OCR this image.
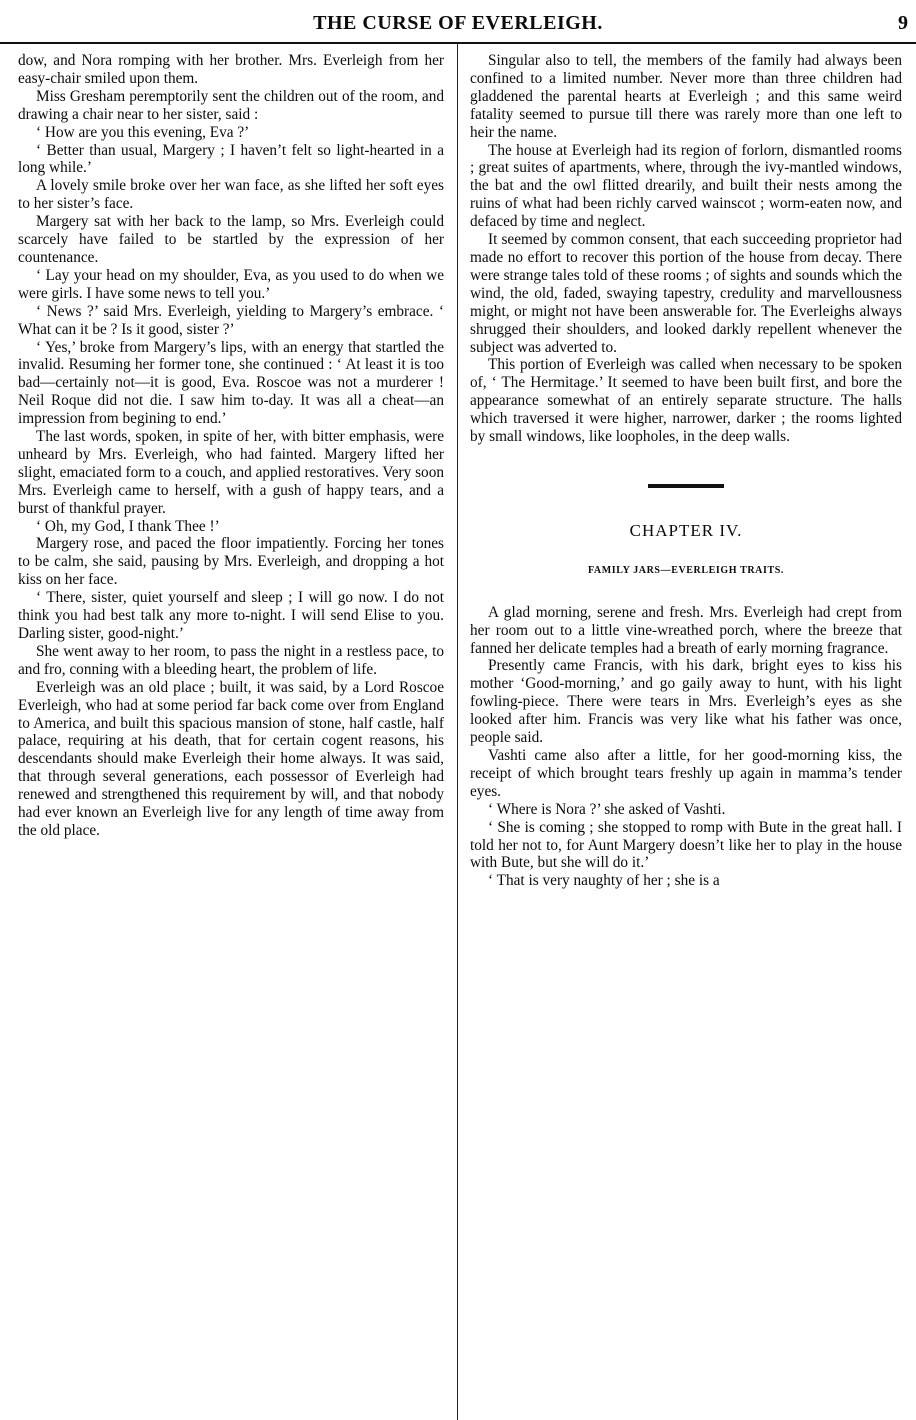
THE CURSE OF EVERLEIGH.	9

dow, and Nora romping with her brother. Mrs. Everleigh from her easy-chair smiled upon them.

Miss Gresham peremptorily sent the children out of the room, and drawing a chair near to her sister, said :

‘ How are you this evening, Eva ?’

‘ Better than usual, Margery ; I haven’t felt so light-hearted in a long while.’

A lovely smile broke over her wan face, as she lifted her soft eyes to her sister’s face.

Margery sat with her back to the lamp, so Mrs. Everleigh could scarcely have failed to be startled by the expression of her countenance.

‘ Lay your head on my shoulder, Eva, as you used to do when we were girls. I have some news to tell you.’

‘ News ?’ said Mrs. Everleigh, yielding to Margery’s embrace. ‘ What can it be ? Is it good, sister ?’

‘ Yes,’ broke from Margery’s lips, with an energy that startled the invalid. Resuming her former tone, she continued : ‘ At least it is too bad—certainly not—it is good, Eva. Roscoe was not a murderer ! Neil Roque did not die. I saw him to-day. It was all a cheat—an impression from begining to end.’

The last words, spoken, in spite of her, with bitter emphasis, were unheard by Mrs. Everleigh, who had fainted. Margery lifted her slight, emaciated form to a couch, and applied restoratives. Very soon Mrs. Everleigh came to herself, with a gush of happy tears, and a burst of thankful prayer.

‘ Oh, my God, I thank Thee !’

Margery rose, and paced the floor impatiently. Forcing her tones to be calm, she said, pausing by Mrs. Everleigh, and dropping a hot kiss on her face.

‘ There, sister, quiet yourself and sleep ; I will go now. I do not think you had best talk any more to-night. I will send Elise to you. Darling sister, good-night.’

She went away to her room, to pass the night in a restless pace, to and fro, conning with a bleeding heart, the problem of life.

Everleigh was an old place ; built, it was said, by a Lord Roscoe Everleigh, who had at some period far back come over from England to America, and built this spacious mansion of stone, half castle, half palace, requiring at his death, that for certain cogent reasons, his descendants should make Everleigh their home always. It was said, that through several generations, each possessor of Everleigh had renewed and strengthened this requirement by will, and that nobody had ever known an Everleigh live for any length of time away from the old place.

Singular also to tell, the members of the family had always been confined to a limited number. Never more than three children had gladdened the parental hearts at Everleigh ; and this same weird fatality seemed to pursue till there was rarely more than one left to heir the name.

The house at Everleigh had its region of forlorn, dismantled rooms ; great suites of apartments, where, through the ivy-mantled windows, the bat and the owl flitted drearily, and built their nests among the ruins of what had been richly carved wainscot ; worm-eaten now, and defaced by time and neglect.

It seemed by common consent, that each succeeding proprietor had made no effort to recover this portion of the house from decay. There were strange tales told of these rooms ; of sights and sounds which the wind, the old, faded, swaying tapestry, credulity and marvellousness might, or might not have been answerable for. The Everleighs always shrugged their shoulders, and looked darkly repellent whenever the subject was adverted to.

This portion of Everleigh was called when necessary to be spoken of, ‘ The Hermitage.’ It seemed to have been built first, and bore the appearance somewhat of an entirely separate structure. The halls which traversed it were higher, narrower, darker ; the rooms lighted by small windows, like loopholes, in the deep walls.

CHAPTER IV.
FAMILY JARS—EVERLEIGH TRAITS.

A glad morning, serene and fresh. Mrs. Everleigh had crept from her room out to a little vine-wreathed porch, where the breeze that fanned her delicate temples had a breath of early morning fragrance.

Presently came Francis, with his dark, bright eyes to kiss his mother ‘Good-morning,’ and go gaily away to hunt, with his light fowling-piece. There were tears in Mrs. Everleigh’s eyes as she looked after him. Francis was very like what his father was once, people said.

Vashti came also after a little, for her good-morning kiss, the receipt of which brought tears freshly up again in mamma’s tender eyes.

‘ Where is Nora ?’ she asked of Vashti.

‘ She is coming ; she stopped to romp with Bute in the great hall. I told her not to, for Aunt Margery doesn’t like her to play in the house with Bute, but she will do it.’

‘ That is very naughty of her ; she is a
